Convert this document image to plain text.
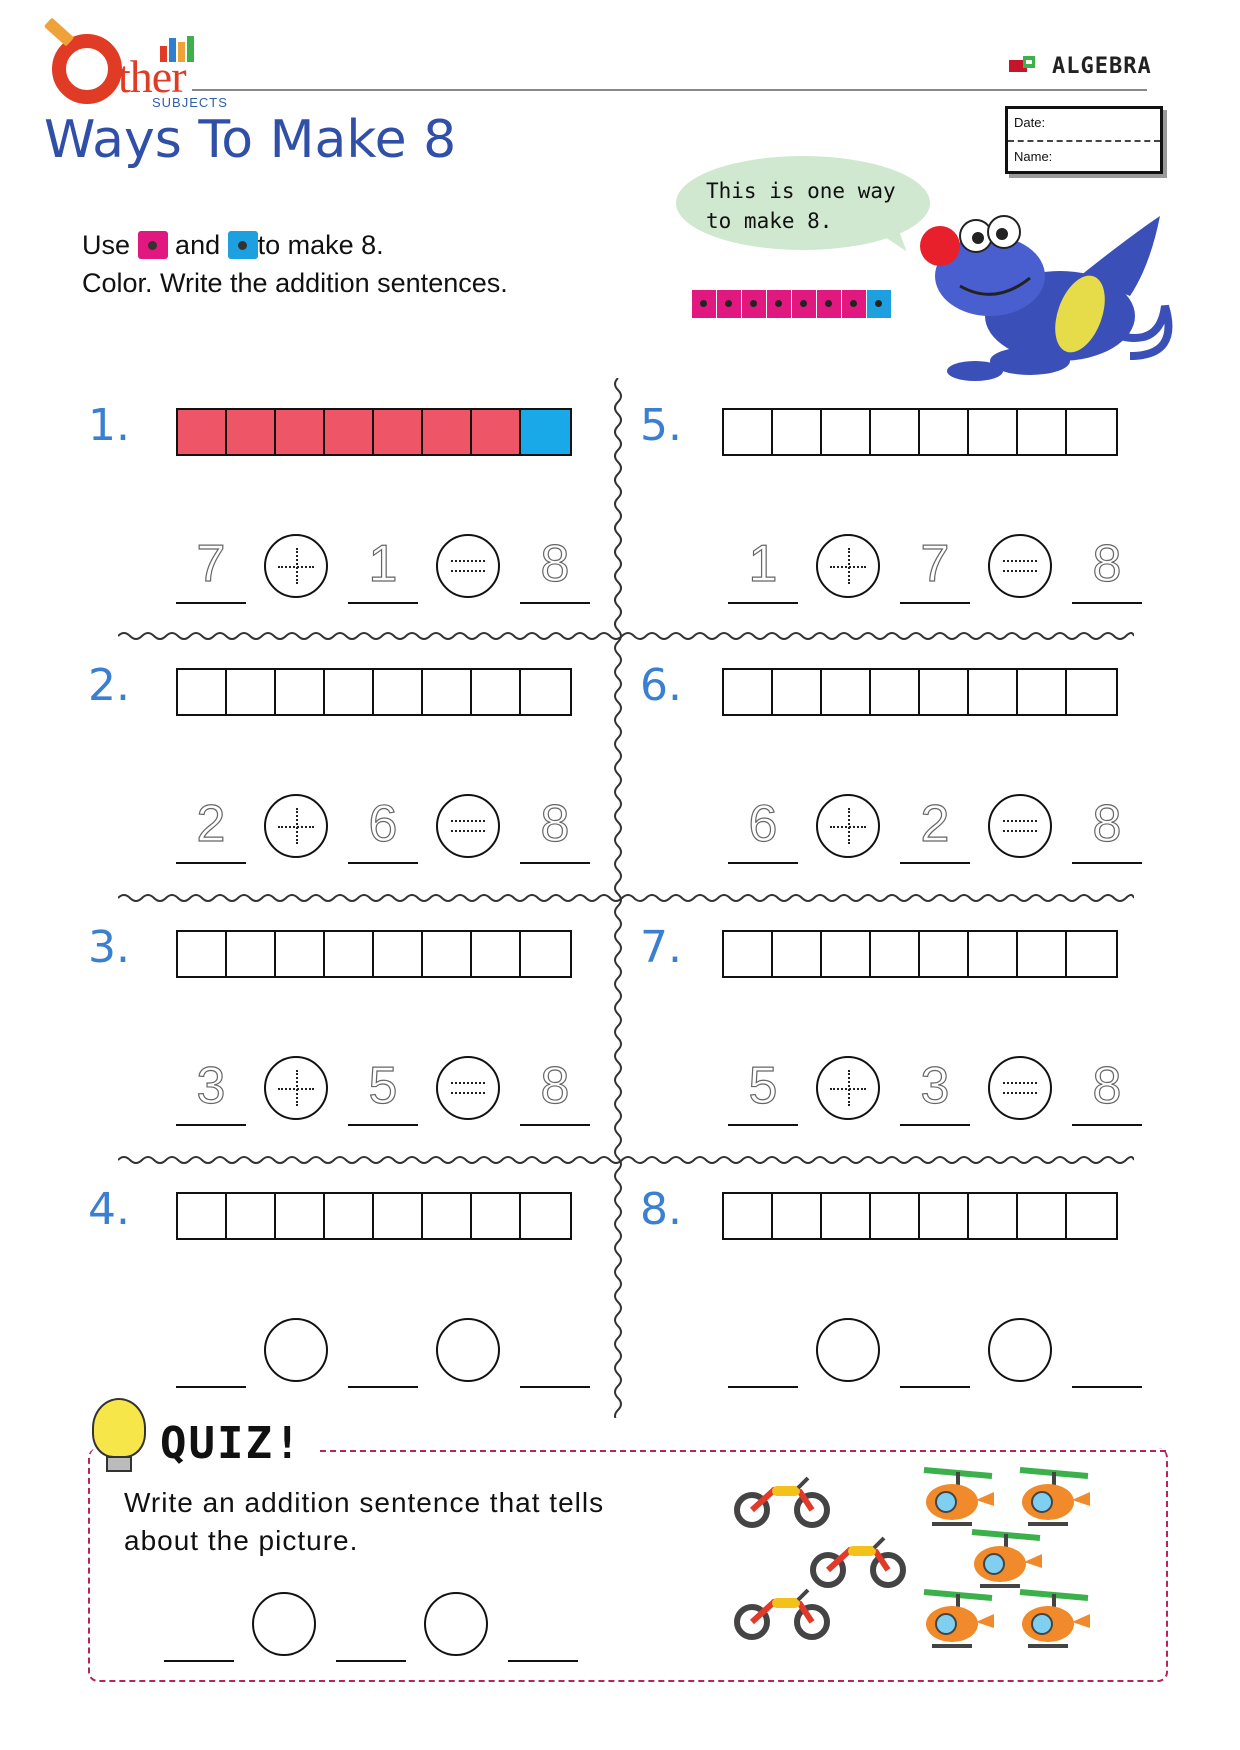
ther
SUBJECTS
Ways To Make 8
ALGEBRA
Date:
Name:
Use and to make 8.
Color. Write the addition sentences.
This is one way
to make 8.
1.
7	1	8
2.
2	6	8
3.
3	5	8
4.
5.
1	7	8
6.
6	2	8
7.
5	3	8
8.
QUIZ!
Write an addition sentence that tells
about the picture.
